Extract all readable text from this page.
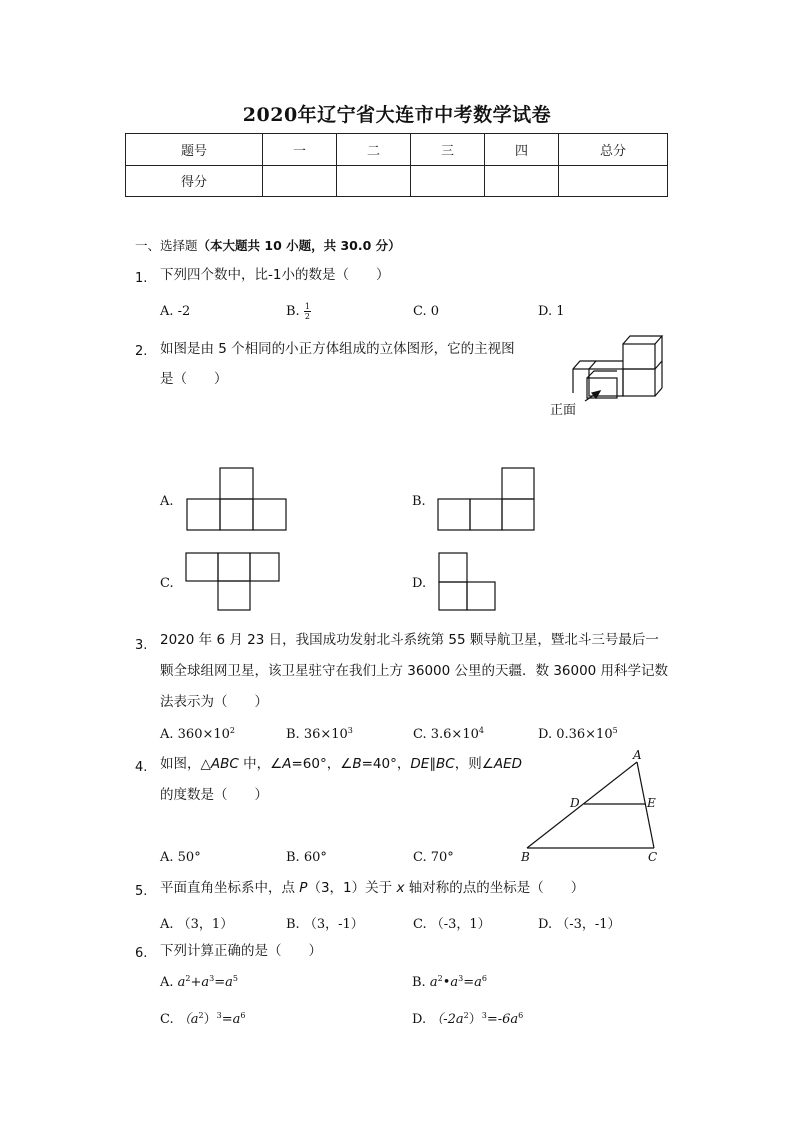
2020年辽宁省大连市中考数学试卷
题号	一	二	三	四	总分
得分					
一、选择题（本大题共 10 小题，共 30.0 分）
1. 下列四个数中，比-1小的数是（　　）
A. -2	B. $\frac{1}{2}$	C. 0	D. 1
2. 如图是由 5 个相同的小正方体组成的立体图形，它的主视图
是（　　）
正面
A.	B.
C.	D.
3. 2020 年 6 月 23 日，我国成功发射北斗系统第 55 颗导航卫星，暨北斗三号最后一
颗全球组网卫星，该卫星驻守在我们上方 36000 公里的天疆．数 36000 用科学记数
法表示为（　　）
A. $360\times 10^2$	B. $36\times 10^3$	C. $3.6\times 10^4$	D. $0.36\times 10^5$
4. 如图，△ABC 中，∠A=60°，∠B=40°，DE∥BC，则∠AED
的度数是（　　）
A
D	E
B	C
A. 50°	B. 60°	C. 70°
5. 平面直角坐标系中，点 P（3，1）关于 x 轴对称的点的坐标是（　　）
A. （3，1）	B. （3，-1）	C. （-3，1）	D. （-3，-1）
6. 下列计算正确的是（　　）
A. $a^2+a^3=a^5$	B. $a^2•a^3=a^6$
C. $(a^2)^3=a^6$	D. $(-2a^2)^3=-6a^6$
